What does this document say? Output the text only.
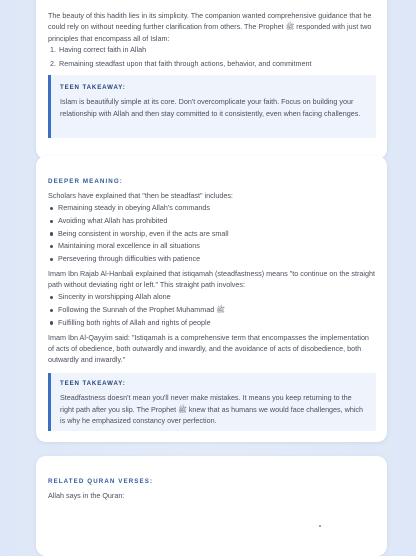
The beauty of this hadith lies in its simplicity. The companion wanted comprehensive guidance that he could rely on without needing further clarification from others. The Prophet ﷺ responded with just two principles that encompass all of Islam:

1. Having correct faith in Allah
2. Remaining steadfast upon that faith through actions, behavior, and commitment

TEEN TAKEAWAY:

Islam is beautifully simple at its core. Don't overcomplicate your faith. Focus on building your relationship with Allah and then stay committed to it consistently, even when facing challenges.

DEEPER MEANING:

Scholars have explained that "then be steadfast" includes:

Remaining steady in obeying Allah's commands
Avoiding what Allah has prohibited
Being consistent in worship, even if the acts are small
Maintaining moral excellence in all situations
Persevering through difficulties with patience

Imam Ibn Rajab Al-Hanbali explained that istiqamah (steadfastness) means "to continue on the straight path without deviating right or left." This straight path involves:

Sincerity in worshipping Allah alone
Following the Sunnah of the Prophet Muhammad ﷺ
Fulfilling both rights of Allah and rights of people

Imam Ibn Al-Qayyim said: "Istiqamah is a comprehensive term that encompasses the implementation of acts of obedience, both outwardly and inwardly, and the avoidance of acts of disobedience, both outwardly and inwardly."

TEEN TAKEAWAY:

Steadfastness doesn't mean you'll never make mistakes. It means you keep returning to the right path after you slip. The Prophet ﷺ knew that as humans we would face challenges, which is why he emphasized constancy over perfection.

RELATED QURAN VERSES:

Allah says in the Quran:
